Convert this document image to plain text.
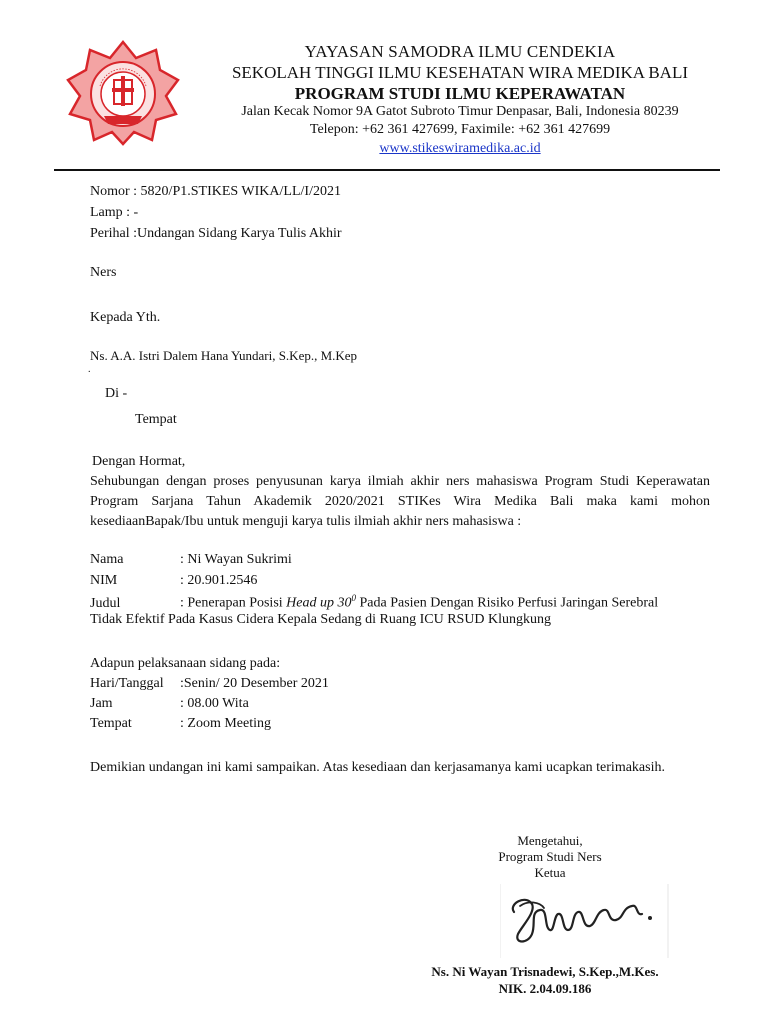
YAYASAN SAMODRA ILMU CENDEKIA
SEKOLAH TINGGI ILMU KESEHATAN WIRA MEDIKA BALI
PROGRAM STUDI ILMU KEPERAWATAN
Jalan Kecak Nomor 9A Gatot Subroto Timur Denpasar, Bali, Indonesia 80239
Telepon: +62 361 427699, Faximile: +62 361 427699
www.stikeswiramedika.ac.id
Nomor : 5820/P1.STIKES WIKA/LL/I/2021
Lamp : -
Perihal :Undangan Sidang Karya Tulis Akhir
Ners
Kepada Yth.
Ns. A.A. Istri Dalem Hana Yundari, S.Kep., M.Kep
.
Di -
Tempat
Dengan Hormat,
Sehubungan dengan proses penyusunan karya ilmiah akhir ners mahasiswa Program Studi Keperawatan Program Sarjana Tahun Akademik 2020/2021 STIKes Wira Medika Bali maka kami mohon kesediaanBapak/Ibu untuk menguji karya tulis ilmiah akhir ners mahasiswa :
Nama	: Ni Wayan Sukrimi
NIM	: 20.901.2546
Judul	: Penerapan Posisi Head up $30^0$ Pada Pasien Dengan Risiko Perfusi Jaringan Serebral
Tidak Efektif Pada Kasus Cidera Kepala Sedang di Ruang ICU RSUD Klungkung
Adapun pelaksanaan sidang pada:
Hari/Tanggal :Senin/ 20 Desember 2021
Jam	: 08.00 Wita
Tempat	: Zoom Meeting
Demikian undangan ini kami sampaikan. Atas kesediaan dan kerjasamanya kami ucapkan terimakasih.
Mengetahui,
Program Studi Ners
Ketua
Ns. Ni Wayan Trisnadewi, S.Kep.,M.Kes.
NIK. 2.04.09.186
